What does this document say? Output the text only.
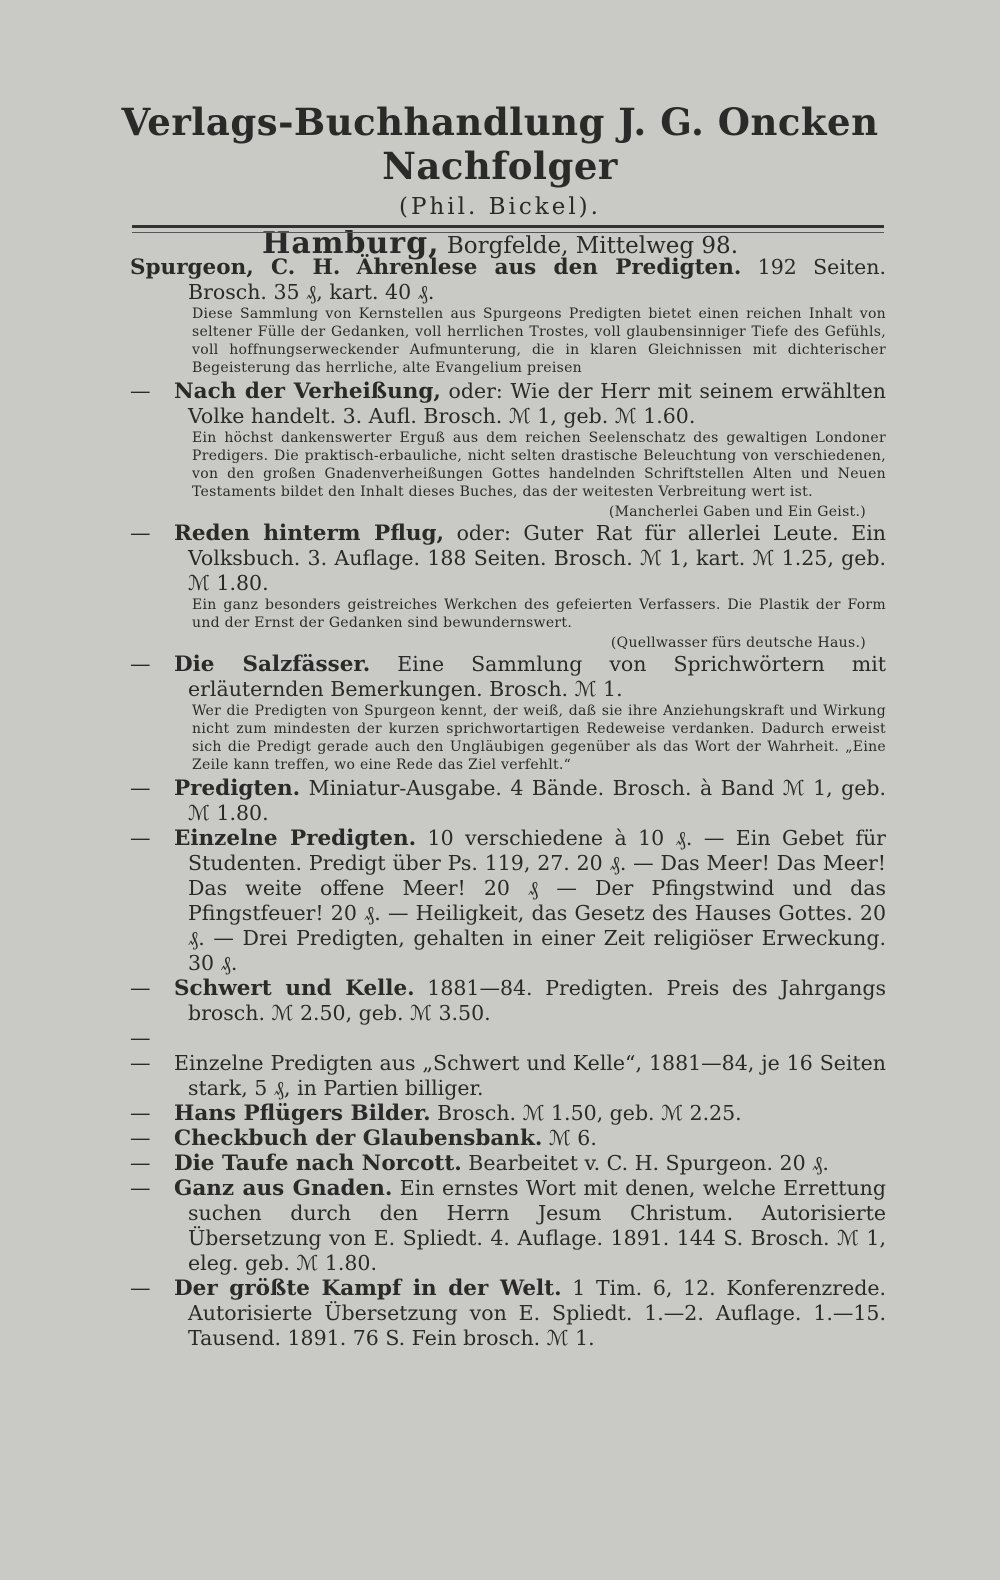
Verlags-Buchhandlung J. G. Oncken Nachfolger
(Phil. Bickel).
Hamburg, Borgfelde, Mittelweg 98.
Spurgeon, C. H. Ährenlese aus den Predigten. 192 Seiten. Brosch. 35 ₰, kart. 40 ₰.
Diese Sammlung von Kernstellen aus Spurgeons Predigten bietet einen reichen Inhalt von seltener Fülle der Gedanken, voll herrlichen Trostes, voll glaubensinniger Tiefe des Gefühls, voll hoffnungserweckender Aufmunterung, die in klaren Gleichnissen mit dichterischer Begeisterung das herrliche, alte Evangelium preisen
— Nach der Verheißung, oder: Wie der Herr mit seinem erwählten Volke handelt. 3. Aufl. Brosch. ℳ 1, geb. ℳ 1.60.
Ein höchst dankenswerter Erguß aus dem reichen Seelenschatz des gewaltigen Londoner Predigers. Die praktisch-erbauliche, nicht selten drastische Beleuchtung von verschiedenen, von den großen Gnadenverheißungen Gottes handelnden Schriftstellen Alten und Neuen Testaments bildet den Inhalt dieses Buches, das der weitesten Verbreitung wert ist.
(Mancherlei Gaben und Ein Geist.)
— Reden hinterm Pflug, oder: Guter Rat für allerlei Leute. Ein Volksbuch. 3. Auflage. 188 Seiten. Brosch. ℳ 1, kart. ℳ 1.25, geb. ℳ 1.80.
Ein ganz besonders geistreiches Werkchen des gefeierten Verfassers. Die Plastik der Form und der Ernst der Gedanken sind bewundernswert.
(Quellwasser fürs deutsche Haus.)
— Die Salzfässer. Eine Sammlung von Sprichwörtern mit erläuternden Bemerkungen. Brosch. ℳ 1.
Wer die Predigten von Spurgeon kennt, der weiß, daß sie ihre Anziehungskraft und Wirkung nicht zum mindesten der kurzen sprichwortartigen Redeweise verdanken. Dadurch erweist sich die Predigt gerade auch den Ungläubigen gegenüber als das Wort der Wahrheit. „Eine Zeile kann treffen, wo eine Rede das Ziel verfehlt.“
— Predigten. Miniatur-Ausgabe. 4 Bände. Brosch. à Band ℳ 1, geb. ℳ 1.80.
— Einzelne Predigten. 10 verschiedene à 10 ₰. — Ein Gebet für Studenten. Predigt über Ps. 119, 27. 20 ₰. — Das Meer! Das Meer! Das weite offene Meer! 20 ₰ — Der Pfingstwind und das Pfingstfeuer! 20 ₰. — Heiligkeit, das Gesetz des Hauses Gottes. 20 ₰. — Drei Predigten, gehalten in einer Zeit religiöser Erweckung. 30 ₰.
— Schwert und Kelle. 1881—84. Predigten. Preis des Jahrgangs brosch. ℳ 2.50, geb. ℳ 3.50.
— — Einzelne Predigten aus „Schwert und Kelle“, 1881—84, je 16 Seiten stark, 5 ₰, in Partien billiger.
— Hans Pflügers Bilder. Brosch. ℳ 1.50, geb. ℳ 2.25.
— Checkbuch der Glaubensbank. ℳ 6.
— Die Taufe nach Norcott. Bearbeitet v. C. H. Spurgeon. 20 ₰.
— Ganz aus Gnaden. Ein ernstes Wort mit denen, welche Errettung suchen durch den Herrn Jesum Christum. Autorisierte Übersetzung von E. Spliedt. 4. Auflage. 1891. 144 S. Brosch. ℳ 1, eleg. geb. ℳ 1.80.
— Der größte Kampf in der Welt. 1 Tim. 6, 12. Konferenzrede. Autorisierte Übersetzung von E. Spliedt. 1.—2. Auflage. 1.—15. Tausend. 1891. 76 S. Fein brosch. ℳ 1.
